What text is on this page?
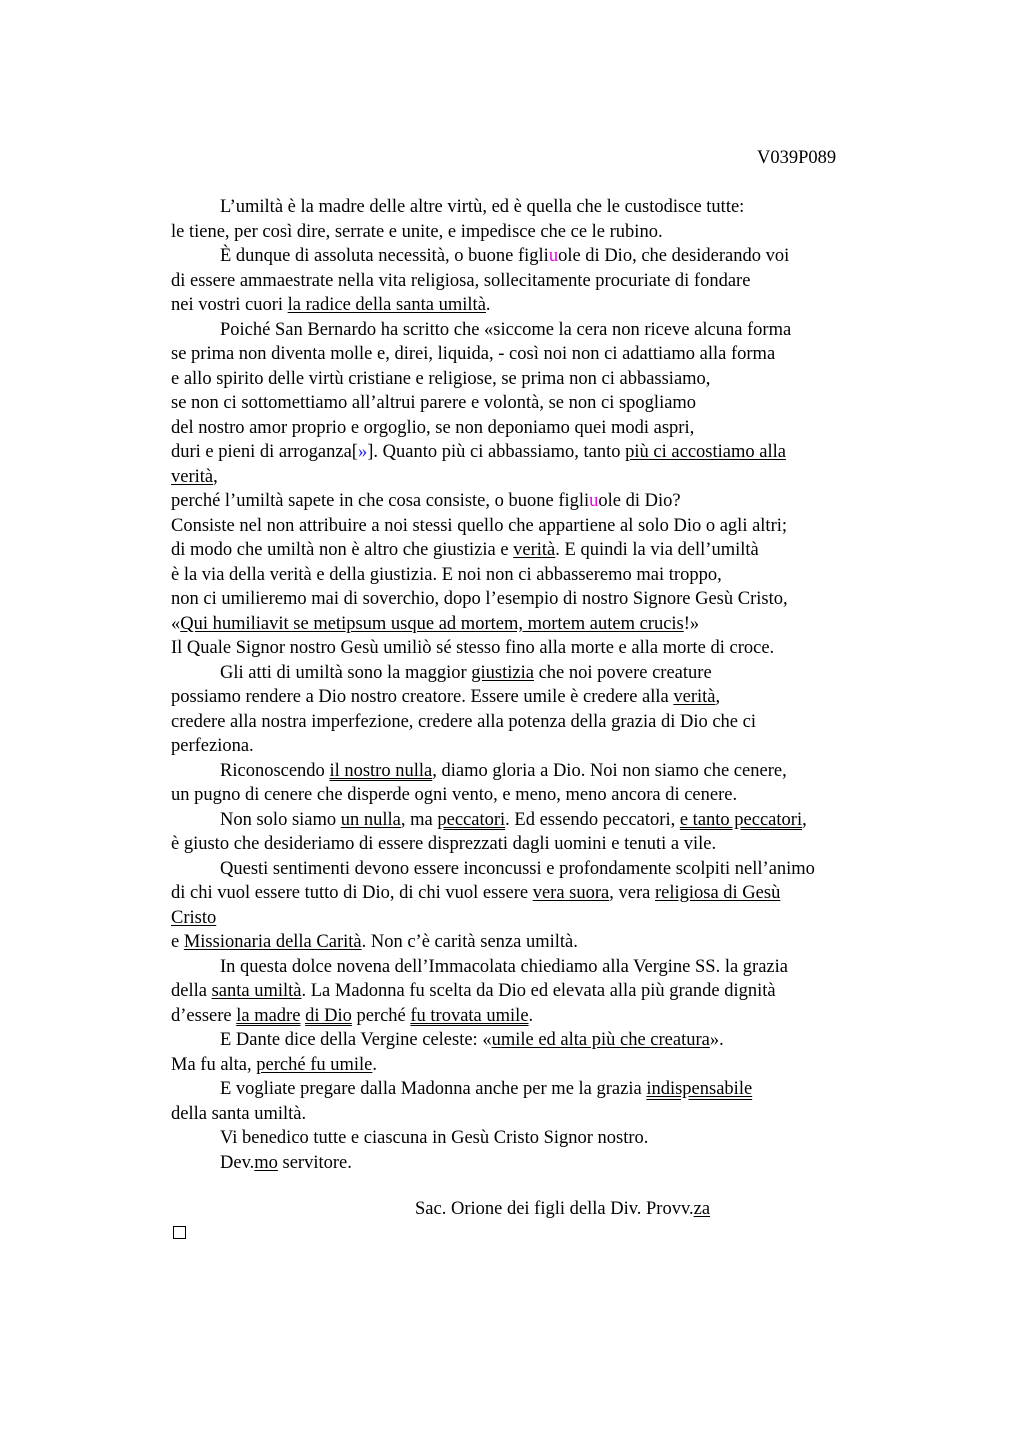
V039P089
L’umiltà è la madre delle altre virtù, ed è quella che le custodisce tutte:
le tiene, per così dire, serrate e unite, e impedisce che ce le rubino.
È dunque di assoluta necessità, o buone figliuole di Dio, che desiderando voi
di essere ammaestrate nella vita religiosa, sollecitamente procuriate di fondare
nei vostri cuori la radice della santa umiltà.
Poiché San Bernardo ha scritto che «siccome la cera non riceve alcuna forma
se prima non diventa molle e, direi, liquida, - così noi non ci adattiamo alla forma
e allo spirito delle virtù cristiane e religiose, se prima non ci abbassiamo,
se non ci sottomettiamo all’altrui parere e volontà, se non ci spogliamo
del nostro amor proprio e orgoglio, se non deponiamo quei modi aspri,
duri e pieni di arroganza[»]. Quanto più ci abbassiamo, tanto più ci accostiamo alla
verità,
perché l’umiltà sapete in che cosa consiste, o buone figliuole di Dio?
Consiste nel non attribuire a noi stessi quello che appartiene al solo Dio o agli altri;
di modo che umiltà non è altro che giustizia e verità. E quindi la via dell’umiltà
è la via della verità e della giustizia. E noi non ci abbasseremo mai troppo,
non ci umilieremo mai di soverchio, dopo l’esempio di nostro Signore Gesù Cristo,
«Qui humiliavit se metipsum usque ad mortem, mortem autem crucis!»
Il Quale Signor nostro Gesù umiliò sé stesso fino alla morte e alla morte di croce.
Gli atti di umiltà sono la maggior giustizia che noi povere creature
possiamo rendere a Dio nostro creatore. Essere umile è credere alla verità,
credere alla nostra imperfezione, credere alla potenza della grazia di Dio che ci
perfeziona.
Riconoscendo il nostro nulla, diamo gloria a Dio. Noi non siamo che cenere,
un pugno di cenere che disperde ogni vento, e meno, meno ancora di cenere.
Non solo siamo un nulla, ma peccatori. Ed essendo peccatori, e tanto peccatori,
è giusto che desideriamo di essere disprezzati dagli uomini e tenuti a vile.
Questi sentimenti devono essere inconcussi e profondamente scolpiti nell’animo
di chi vuol essere tutto di Dio, di chi vuol essere vera suora, vera religiosa di Gesù
Cristo
e Missionaria della Carità. Non c’è carità senza umiltà.
In questa dolce novena dell’Immacolata chiediamo alla Vergine SS. la grazia
della santa umiltà. La Madonna fu scelta da Dio ed elevata alla più grande dignità
d’essere la madre di Dio perché fu trovata umile.
E Dante dice della Vergine celeste: «umile ed alta più che creatura».
Ma fu alta, perché fu umile.
E vogliate pregare dalla Madonna anche per me la grazia indispensabile
della santa umiltà.
Vi benedico tutte e ciascuna in Gesù Cristo Signor nostro.
Dev.mo servitore.
Sac. Orione dei figli della Div. Provv.za
